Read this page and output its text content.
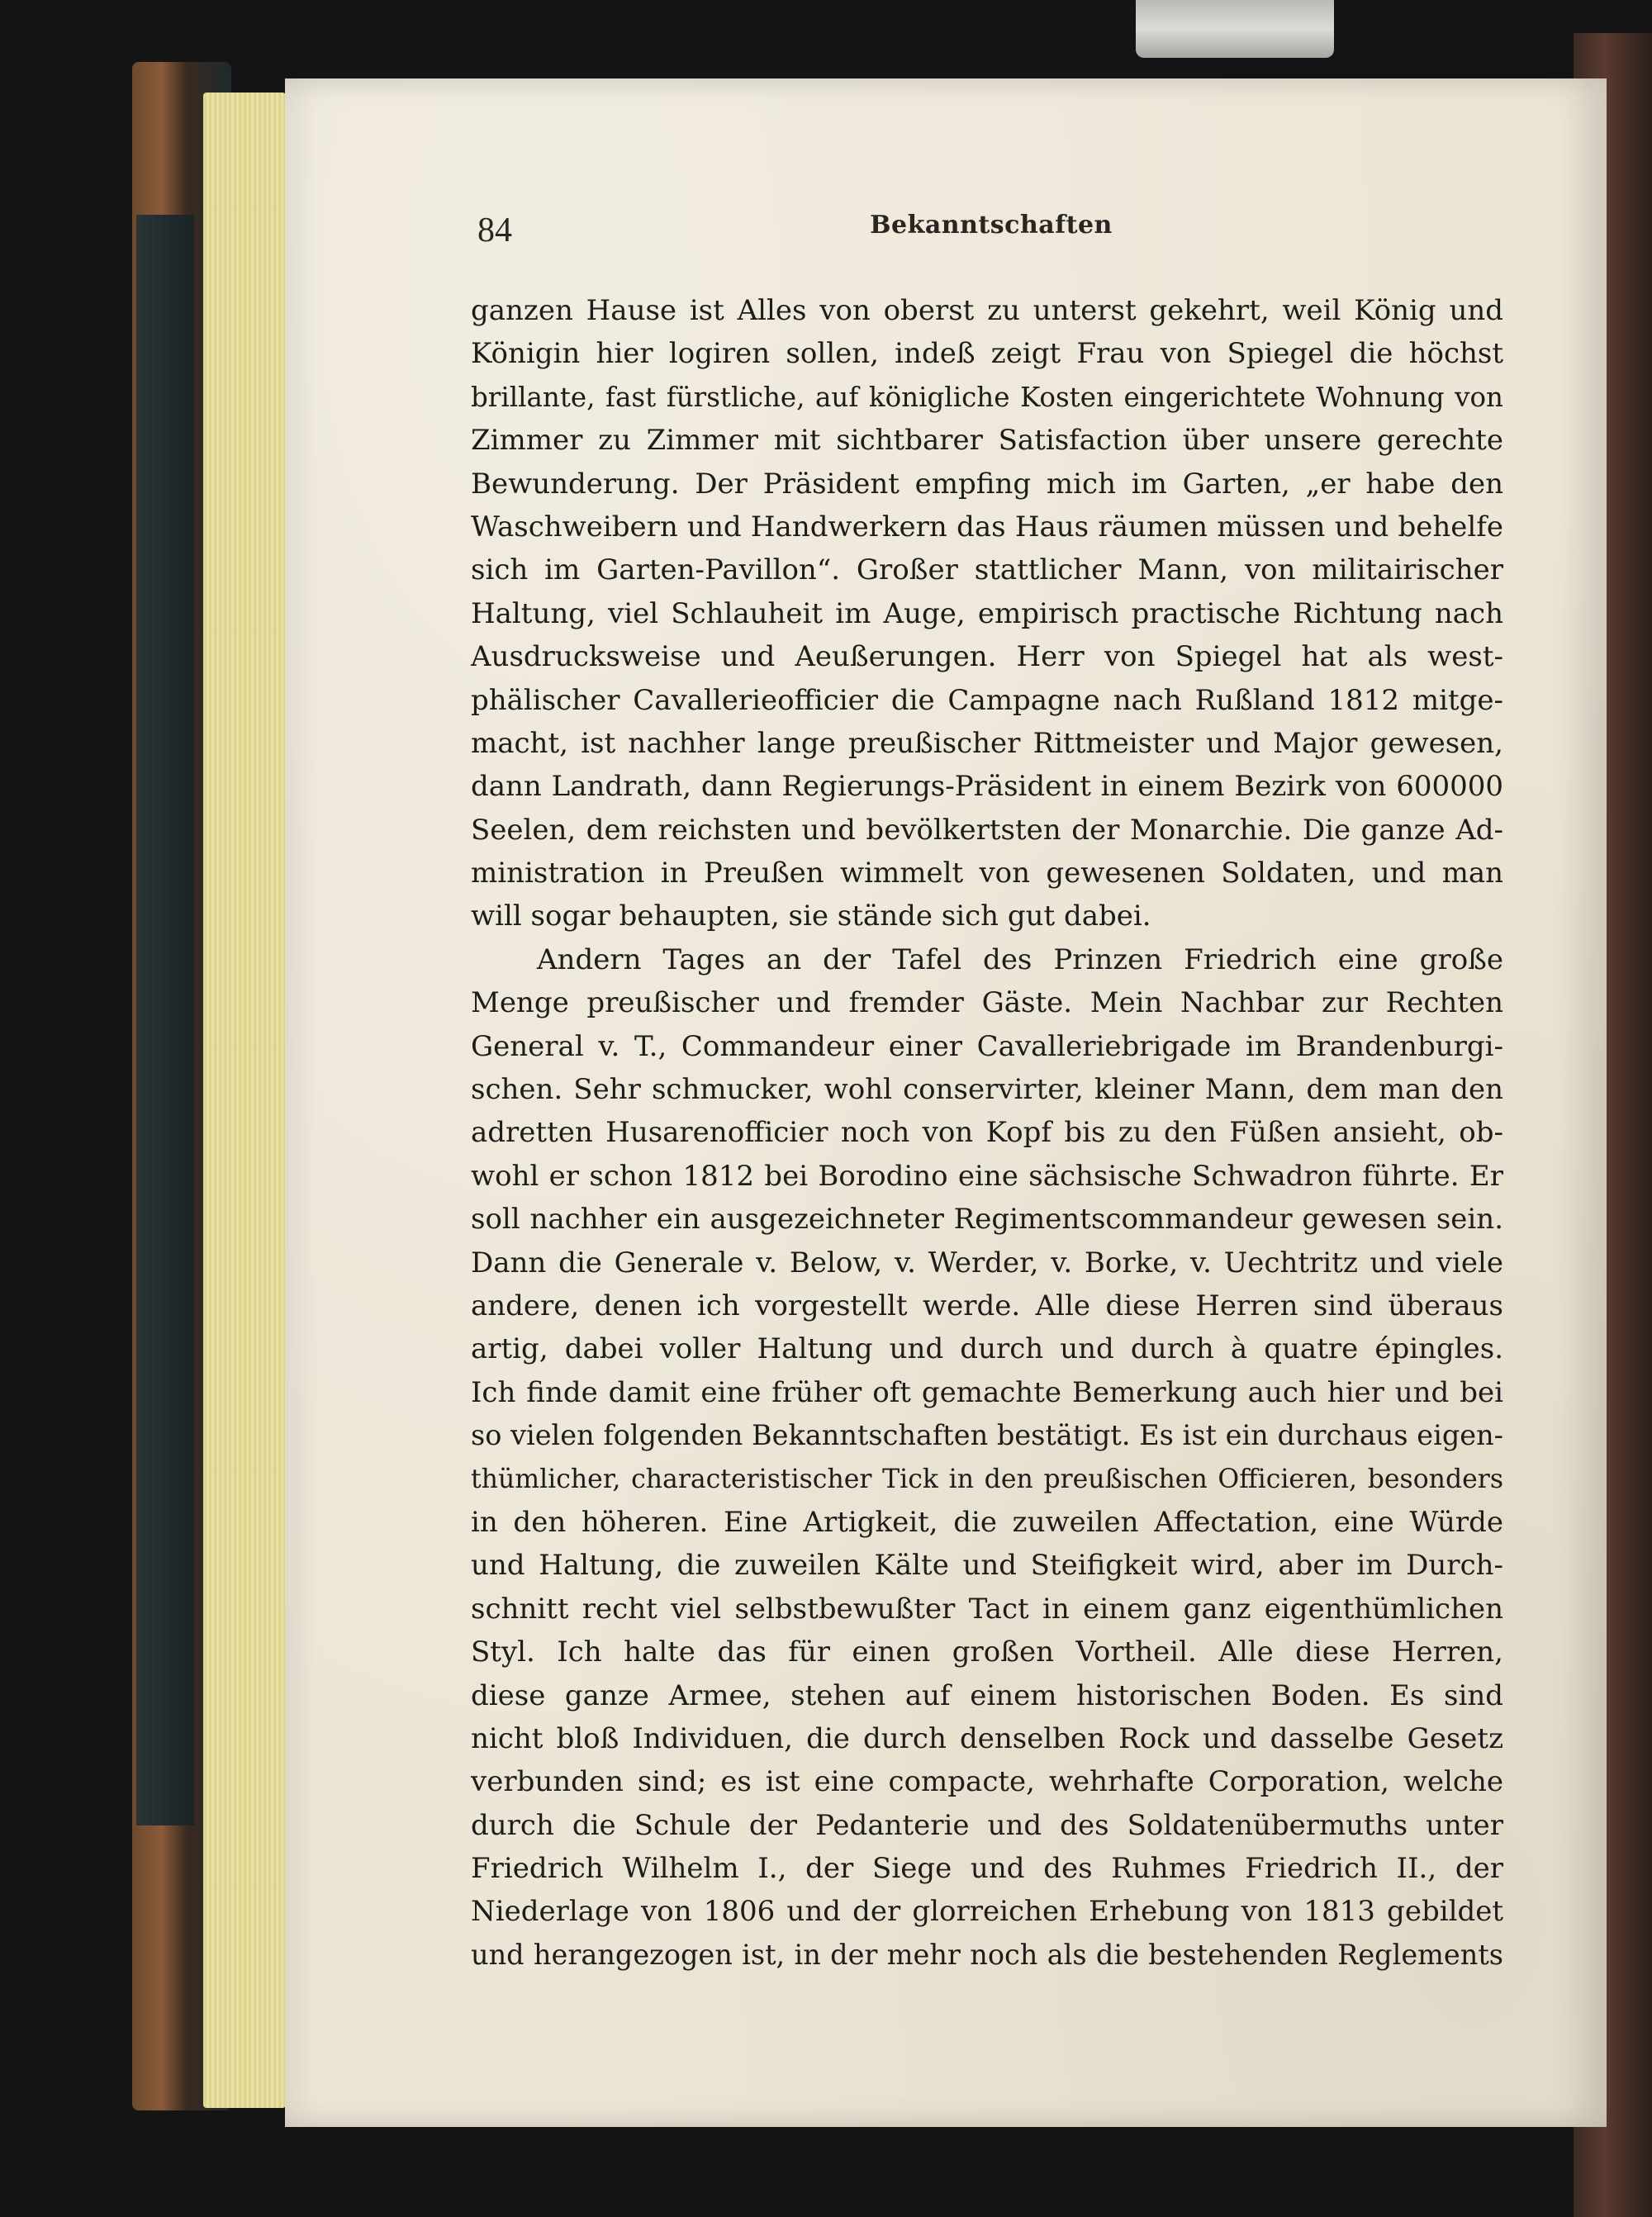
84	Bekanntschaften

ganzen Hause ist Alles von oberst zu unterst gekehrt, weil König und
Königin hier logiren sollen, indeß zeigt Frau von Spiegel die höchst
brillante, fast fürstliche, auf königliche Kosten eingerichtete Wohnung von
Zimmer zu Zimmer mit sichtbarer Satisfaction über unsere gerechte
Bewunderung. Der Präsident empfing mich im Garten, „er habe den
Waschweibern und Handwerkern das Haus räumen müssen und behelfe
sich im Garten-Pavillon“. Großer stattlicher Mann, von militairischer
Haltung, viel Schlauheit im Auge, empirisch practische Richtung nach
Ausdrucksweise und Aeußerungen. Herr von Spiegel hat als west-
phälischer Cavallerieofficier die Campagne nach Rußland 1812 mitge-
macht, ist nachher lange preußischer Rittmeister und Major gewesen,
dann Landrath, dann Regierungs-Präsident in einem Bezirk von 600000
Seelen, dem reichsten und bevölkertsten der Monarchie. Die ganze Ad-
ministration in Preußen wimmelt von gewesenen Soldaten, und man
will sogar behaupten, sie stände sich gut dabei.
Andern Tages an der Tafel des Prinzen Friedrich eine große
Menge preußischer und fremder Gäste. Mein Nachbar zur Rechten
General v. T., Commandeur einer Cavalleriebrigade im Brandenburgi-
schen. Sehr schmucker, wohl conservirter, kleiner Mann, dem man den
adretten Husarenofficier noch von Kopf bis zu den Füßen ansieht, ob-
wohl er schon 1812 bei Borodino eine sächsische Schwadron führte. Er
soll nachher ein ausgezeichneter Regimentscommandeur gewesen sein.
Dann die Generale v. Below, v. Werder, v. Borke, v. Uechtritz und viele
andere, denen ich vorgestellt werde. Alle diese Herren sind überaus
artig, dabei voller Haltung und durch und durch à quatre épingles.
Ich finde damit eine früher oft gemachte Bemerkung auch hier und bei
so vielen folgenden Bekanntschaften bestätigt. Es ist ein durchaus eigen-
thümlicher, characteristischer Tick in den preußischen Officieren, besonders
in den höheren. Eine Artigkeit, die zuweilen Affectation, eine Würde
und Haltung, die zuweilen Kälte und Steifigkeit wird, aber im Durch-
schnitt recht viel selbstbewußter Tact in einem ganz eigenthümlichen
Styl. Ich halte das für einen großen Vortheil. Alle diese Herren,
diese ganze Armee, stehen auf einem historischen Boden. Es sind
nicht bloß Individuen, die durch denselben Rock und dasselbe Gesetz
verbunden sind; es ist eine compacte, wehrhafte Corporation, welche
durch die Schule der Pedanterie und des Soldatenübermuths unter
Friedrich Wilhelm I., der Siege und des Ruhmes Friedrich II., der
Niederlage von 1806 und der glorreichen Erhebung von 1813 gebildet
und herangezogen ist, in der mehr noch als die bestehenden Reglements
